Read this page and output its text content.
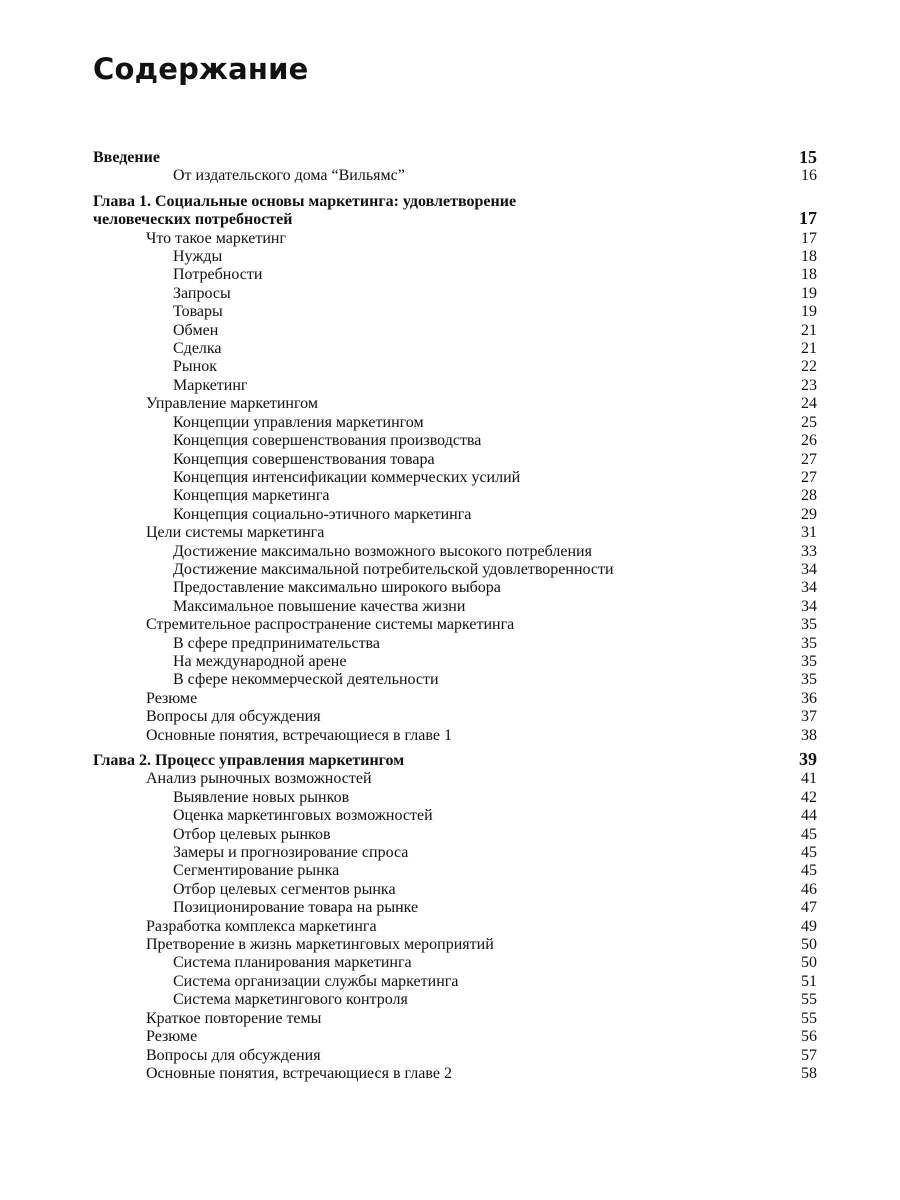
Содержание
Введение	15
От издательского дома “Вильямс”	16
Глава 1. Социальные основы маркетинга: удовлетворение
человеческих потребностей	17
Что такое маркетинг	17
Нужды	18
Потребности	18
Запросы	19
Товары	19
Обмен	21
Сделка	21
Рынок	22
Маркетинг	23
Управление маркетингом	24
Концепции управления маркетингом	25
Концепция совершенствования производства	26
Концепция совершенствования товара	27
Концепция интенсификации коммерческих усилий	27
Концепция маркетинга	28
Концепция социально-этичного маркетинга	29
Цели системы маркетинга	31
Достижение максимально возможного высокого потребления	33
Достижение максимальной потребительской удовлетворенности	34
Предоставление максимально широкого выбора	34
Максимальное повышение качества жизни	34
Стремительное распространение системы маркетинга	35
В сфере предпринимательства	35
На международной арене	35
В сфере некоммерческой деятельности	35
Резюме	36
Вопросы для обсуждения	37
Основные понятия, встречающиеся в главе 1	38
Глава 2. Процесс управления маркетингом	39
Анализ рыночных возможностей	41
Выявление новых рынков	42
Оценка маркетинговых возможностей	44
Отбор целевых рынков	45
Замеры и прогнозирование спроса	45
Сегментирование рынка	45
Отбор целевых сегментов рынка	46
Позиционирование товара на рынке	47
Разработка комплекса маркетинга	49
Претворение в жизнь маркетинговых мероприятий	50
Система планирования маркетинга	50
Система организации службы маркетинга	51
Система маркетингового контроля	55
Краткое повторение темы	55
Резюме	56
Вопросы для обсуждения	57
Основные понятия, встречающиеся в главе 2	58
